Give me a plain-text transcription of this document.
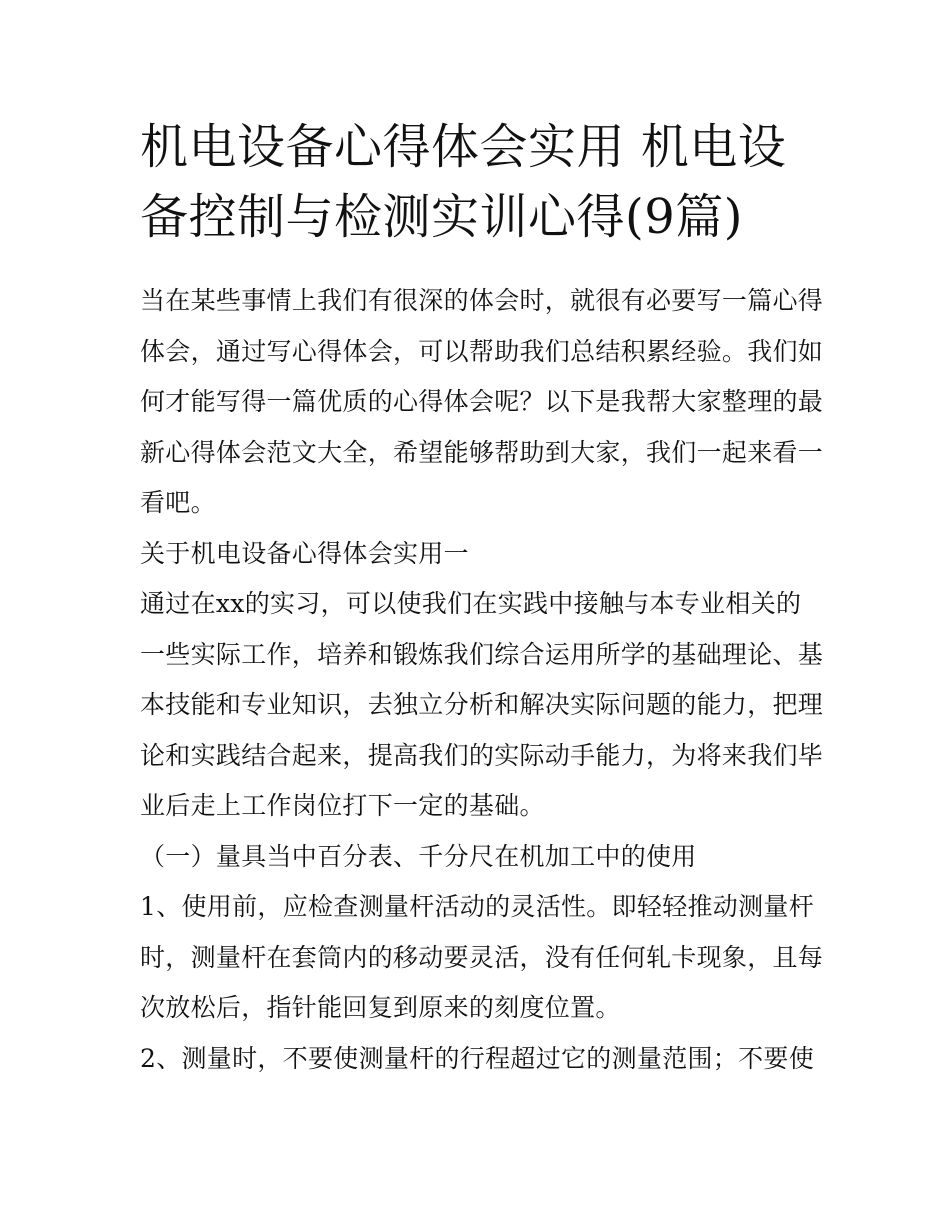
机电设备心得体会实用 机电设
备控制与检测实训心得(9篇)

当在某些事情上我们有很深的体会时，就很有必要写一篇心得
体会，通过写心得体会，可以帮助我们总结积累经验。我们如
何才能写得一篇优质的心得体会呢？以下是我帮大家整理的最
新心得体会范文大全，希望能够帮助到大家，我们一起来看一
看吧。

关于机电设备心得体会实用一

通过在xx的实习，可以使我们在实践中接触与本专业相关的
一些实际工作，培养和锻炼我们综合运用所学的基础理论、基
本技能和专业知识，去独立分析和解决实际问题的能力，把理
论和实践结合起来，提高我们的实际动手能力，为将来我们毕
业后走上工作岗位打下一定的基础。

（一）量具当中百分表、千分尺在机加工中的使用

1、使用前，应检查测量杆活动的灵活性。即轻轻推动测量杆
时，测量杆在套筒内的移动要灵活，没有任何轧卡现象，且每
次放松后，指针能回复到原来的刻度位置。

2、测量时，不要使测量杆的行程超过它的测量范围；不要使
